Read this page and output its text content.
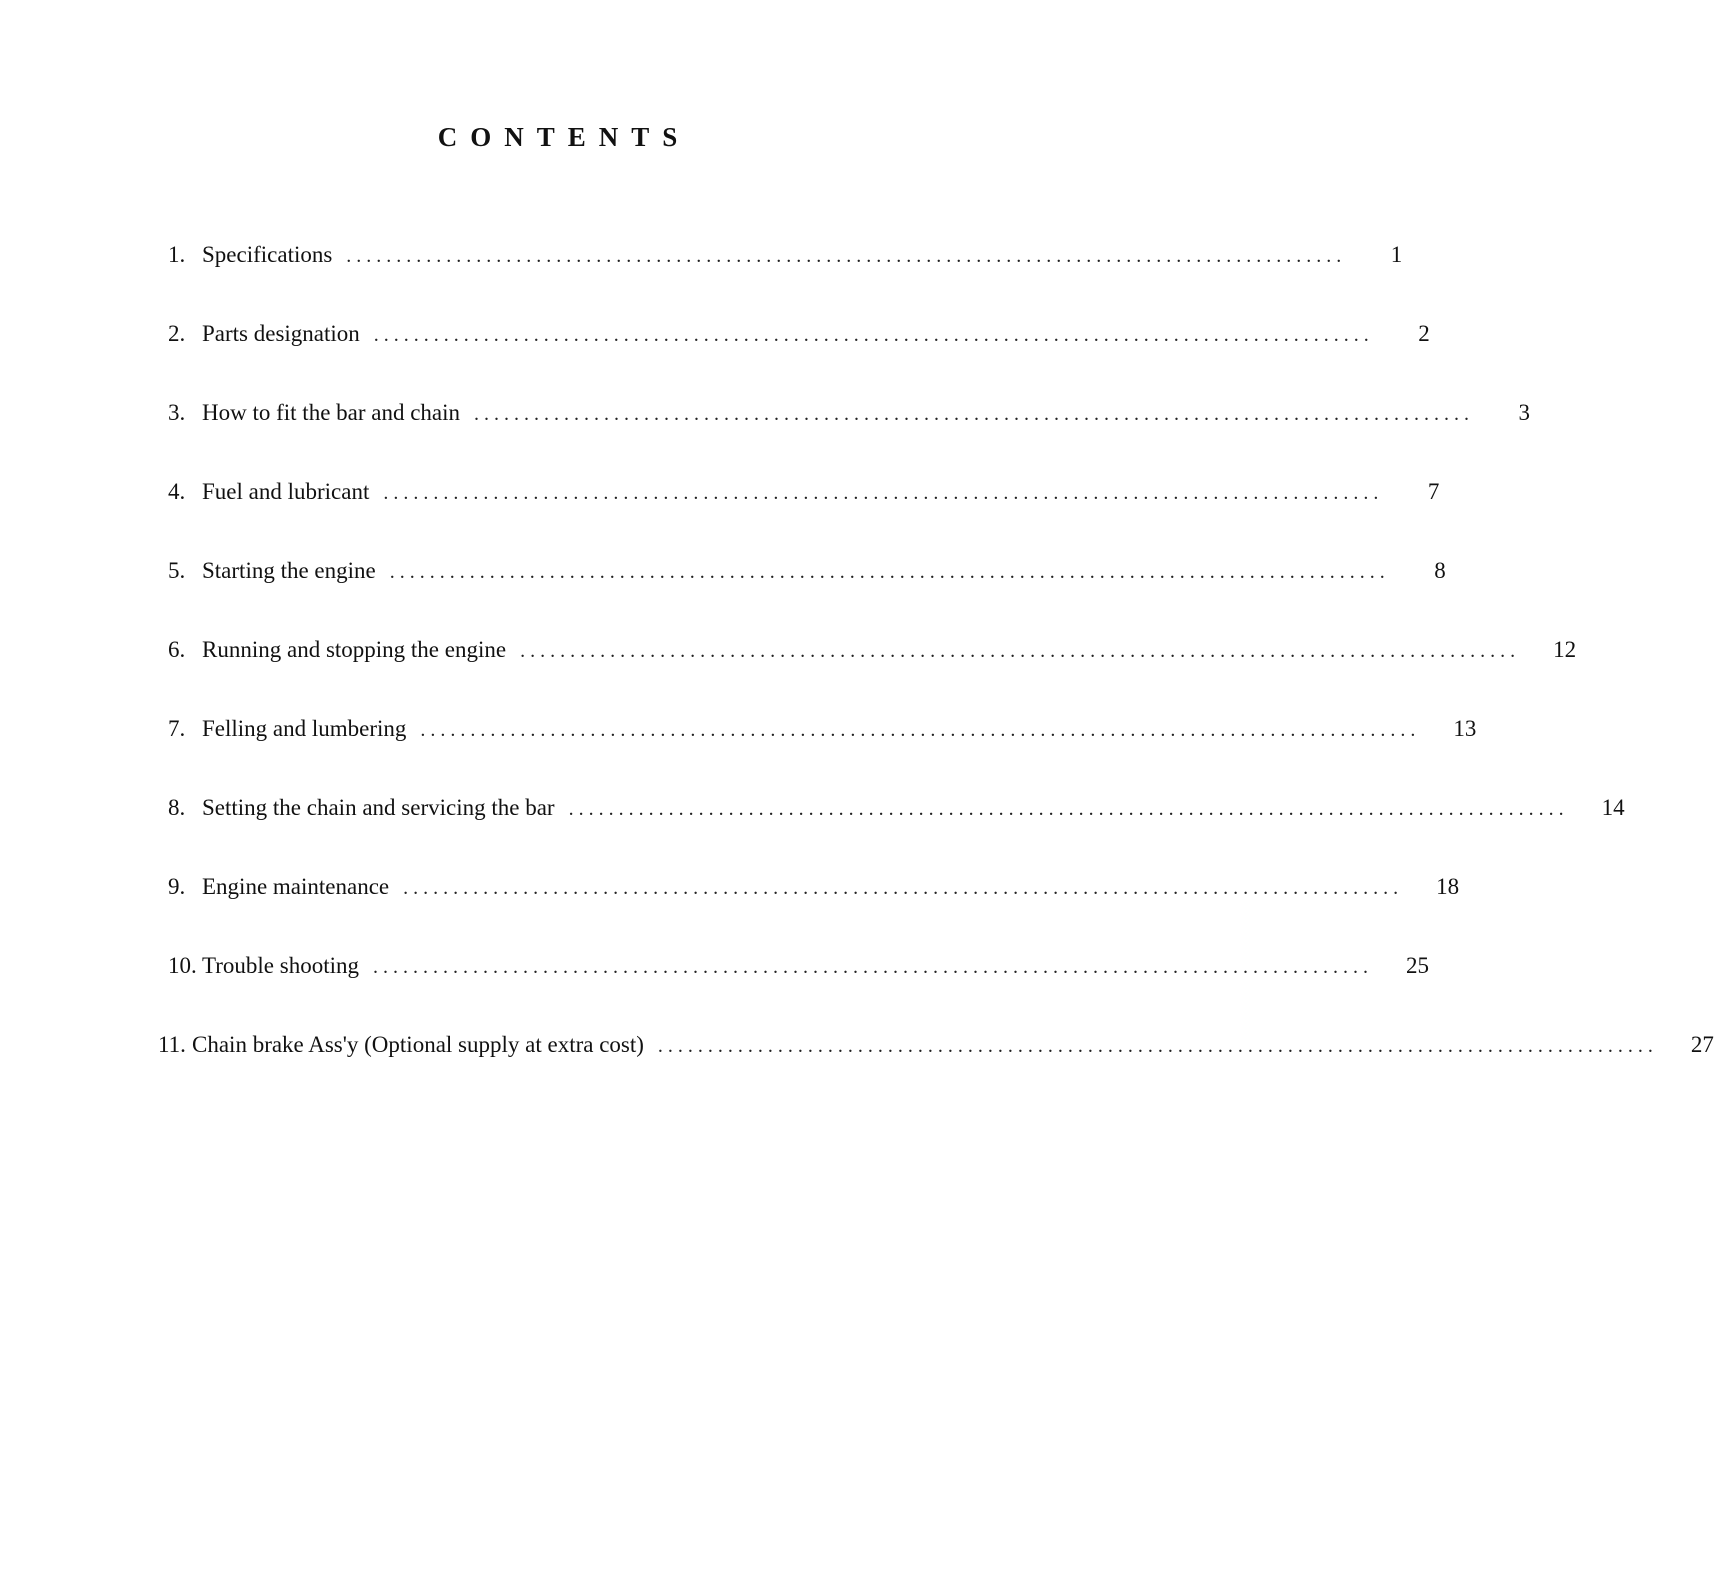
CONTENTS
1. Specifications ....................................................................................................	1
2. Parts designation ....................................................................................................	2
3. How to fit the bar and chain ....................................................................................................	3
4. Fuel and lubricant ....................................................................................................	7
5. Starting the engine ....................................................................................................	8
6. Running and stopping the engine ....................................................................................................	12
7. Felling and lumbering ....................................................................................................	13
8. Setting the chain and servicing the bar ....................................................................................................	14
9. Engine maintenance ....................................................................................................	18
10. Trouble shooting ....................................................................................................	25
11. Chain brake Ass'y (Optional supply at extra cost) ....................................................................................................	27
